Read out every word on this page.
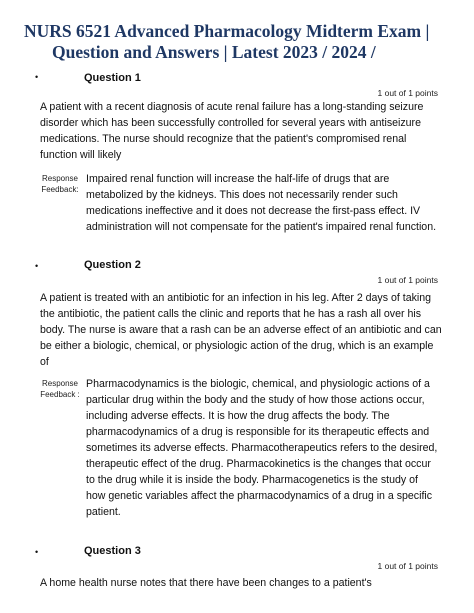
NURS 6521 Advanced Pharmacology Midterm Exam |
Question and Answers | Latest 2023 / 2024 /
•	Question 1
1 out of 1 points

A patient with a recent diagnosis of acute renal failure has a long-standing seizure disorder which has been successfully controlled for several years with antiseizure medications. The nurse should recognize that the patient's compromised renal function will likely

Response Feedback:

Impaired renal function will increase the half-life of drugs that are metabolized by the kidneys. This does not necessarily render such medications ineffective and it does not decrease the first-pass effect. IV administration will not compensate for the patient's impaired renal function.

•	Question 2
1 out of 1 points

A patient is treated with an antibiotic for an infection in his leg. After 2 days of taking the antibiotic, the patient calls the clinic and reports that he has a rash all over his body. The nurse is aware that a rash can be an adverse effect of an antibiotic and can be either a biologic, chemical, or physiologic action of the drug, which is an example of

Response Feedback :

Pharmacodynamics is the biologic, chemical, and physiologic actions of a particular drug within the body and the study of how those actions occur, including adverse effects. It is how the drug affects the body. The pharmacodynamics of a drug is responsible for its therapeutic effects and sometimes its adverse effects. Pharmacotherapeutics refers to the desired, therapeutic effect of the drug. Pharmacokinetics is the changes that occur to the drug while it is inside the body. Pharmacogenetics is the study of how genetic variables affect the pharmacodynamics of a drug in a specific patient.

•	Question 3
1 out of 1 points

A home health nurse notes that there have been changes to a patient's
